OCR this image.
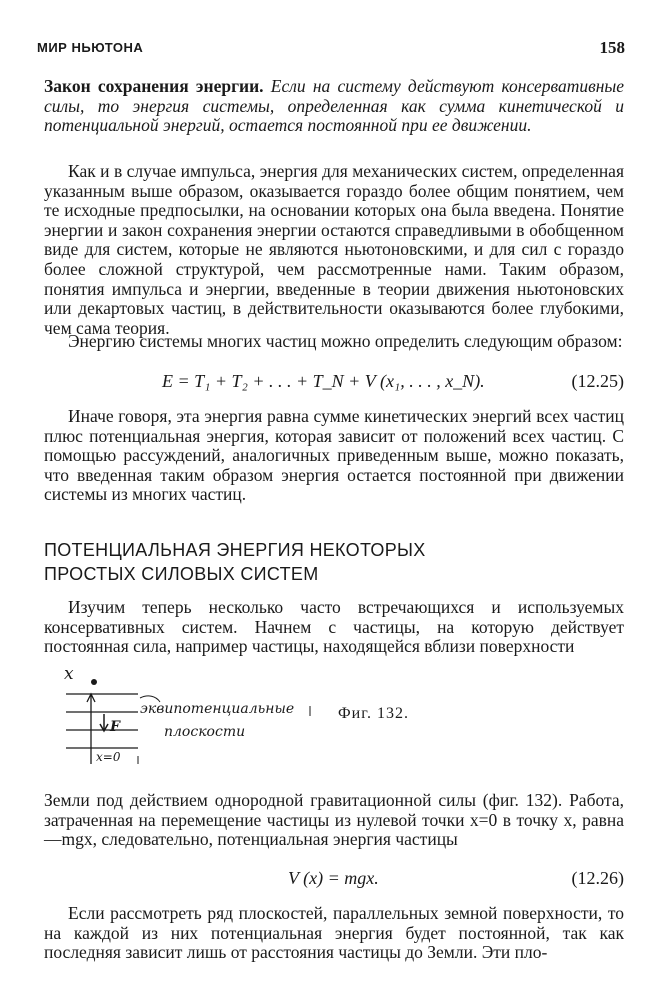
МИР НЬЮТОНА	158

Закон сохранения энергии. Если на систему действуют консервативные силы, то энергия системы, определенная как сумма кинетической и потенциальной энергий, остается постоянной при ее движении.

Как и в случае импульса, энергия для механических систем, определенная указанным выше образом, оказывается гораздо более общим понятием, чем те исходные предпосылки, на основании которых она была введена. Понятие энергии и закон сохранения энергии остаются справедливыми в обобщенном виде для систем, которые не являются ньютоновскими, и для сил с гораздо более сложной структурой, чем рассмотренные нами. Таким образом, понятия импульса и энергии, введенные в теории движения ньютоновских или декартовых частиц, в действительности оказываются более глубокими, чем сама теория.

Энергию системы многих частиц можно определить следующим образом:

E = T₁ + T₂ + . . . + T_N + V (x₁, . . . , x_N).	(12.25)

Иначе говоря, эта энергия равна сумме кинетических энергий всех частиц плюс потенциальная энергия, которая зависит от положений всех частиц. С помощью рассуждений, аналогичных приведенным выше, можно показать, что введенная таким образом энергия остается постоянной при движении системы из многих частиц.

ПОТЕНЦИАЛЬНАЯ ЭНЕРГИЯ НЕКОТОРЫХ
ПРОСТЫХ СИЛОВЫХ СИСТЕМ

Изучим теперь несколько часто встречающихся и используемых консервативных систем. Начнем с частицы, на которую действует постоянная сила, например частицы, находящейся вблизи поверхности

x
F
x=0
эквипотенциальные
плоскости
Фиг. 132.

Земли под действием однородной гравитационной силы (фиг. 132). Работа, затраченная на перемещение частицы из нулевой точки x=0 в точку x, равна —mgx, следовательно, потенциальная энергия частицы

V (x) = mgx.	(12.26)

Если рассмотреть ряд плоскостей, параллельных земной поверхности, то на каждой из них потенциальная энергия будет постоянной, так как последняя зависит лишь от расстояния частицы до Земли. Эти пло-
